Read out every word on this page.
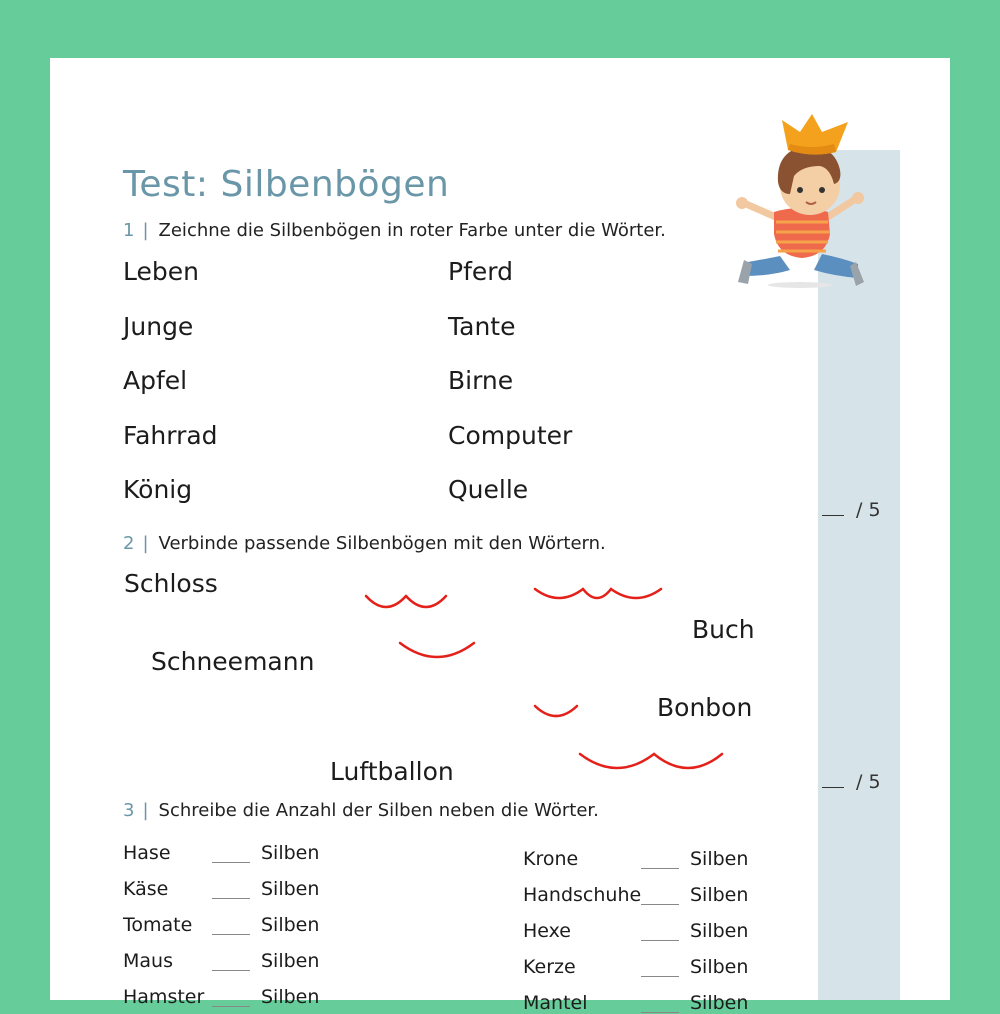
Test: Silbenbögen
1 | Zeichne die Silbenbögen in roter Farbe unter die Wörter.
Leben	Pferd
Junge	Tante
Apfel	Birne
Fahrrad	Computer
König	Quelle
/ 5
2 | Verbinde passende Silbenbögen mit den Wörtern.
Schloss
Buch
Schneemann
Bonbon
Luftballon	/ 5
3 | Schreibe die Anzahl der Silben neben die Wörter.
Hase	Silben
Käse	Silben
Tomate	Silben
Maus	Silben
Hamster	Silben
Krone	Silben
Handschuhe	Silben
Hexe	Silben
Kerze	Silben
Mantel	Silben
